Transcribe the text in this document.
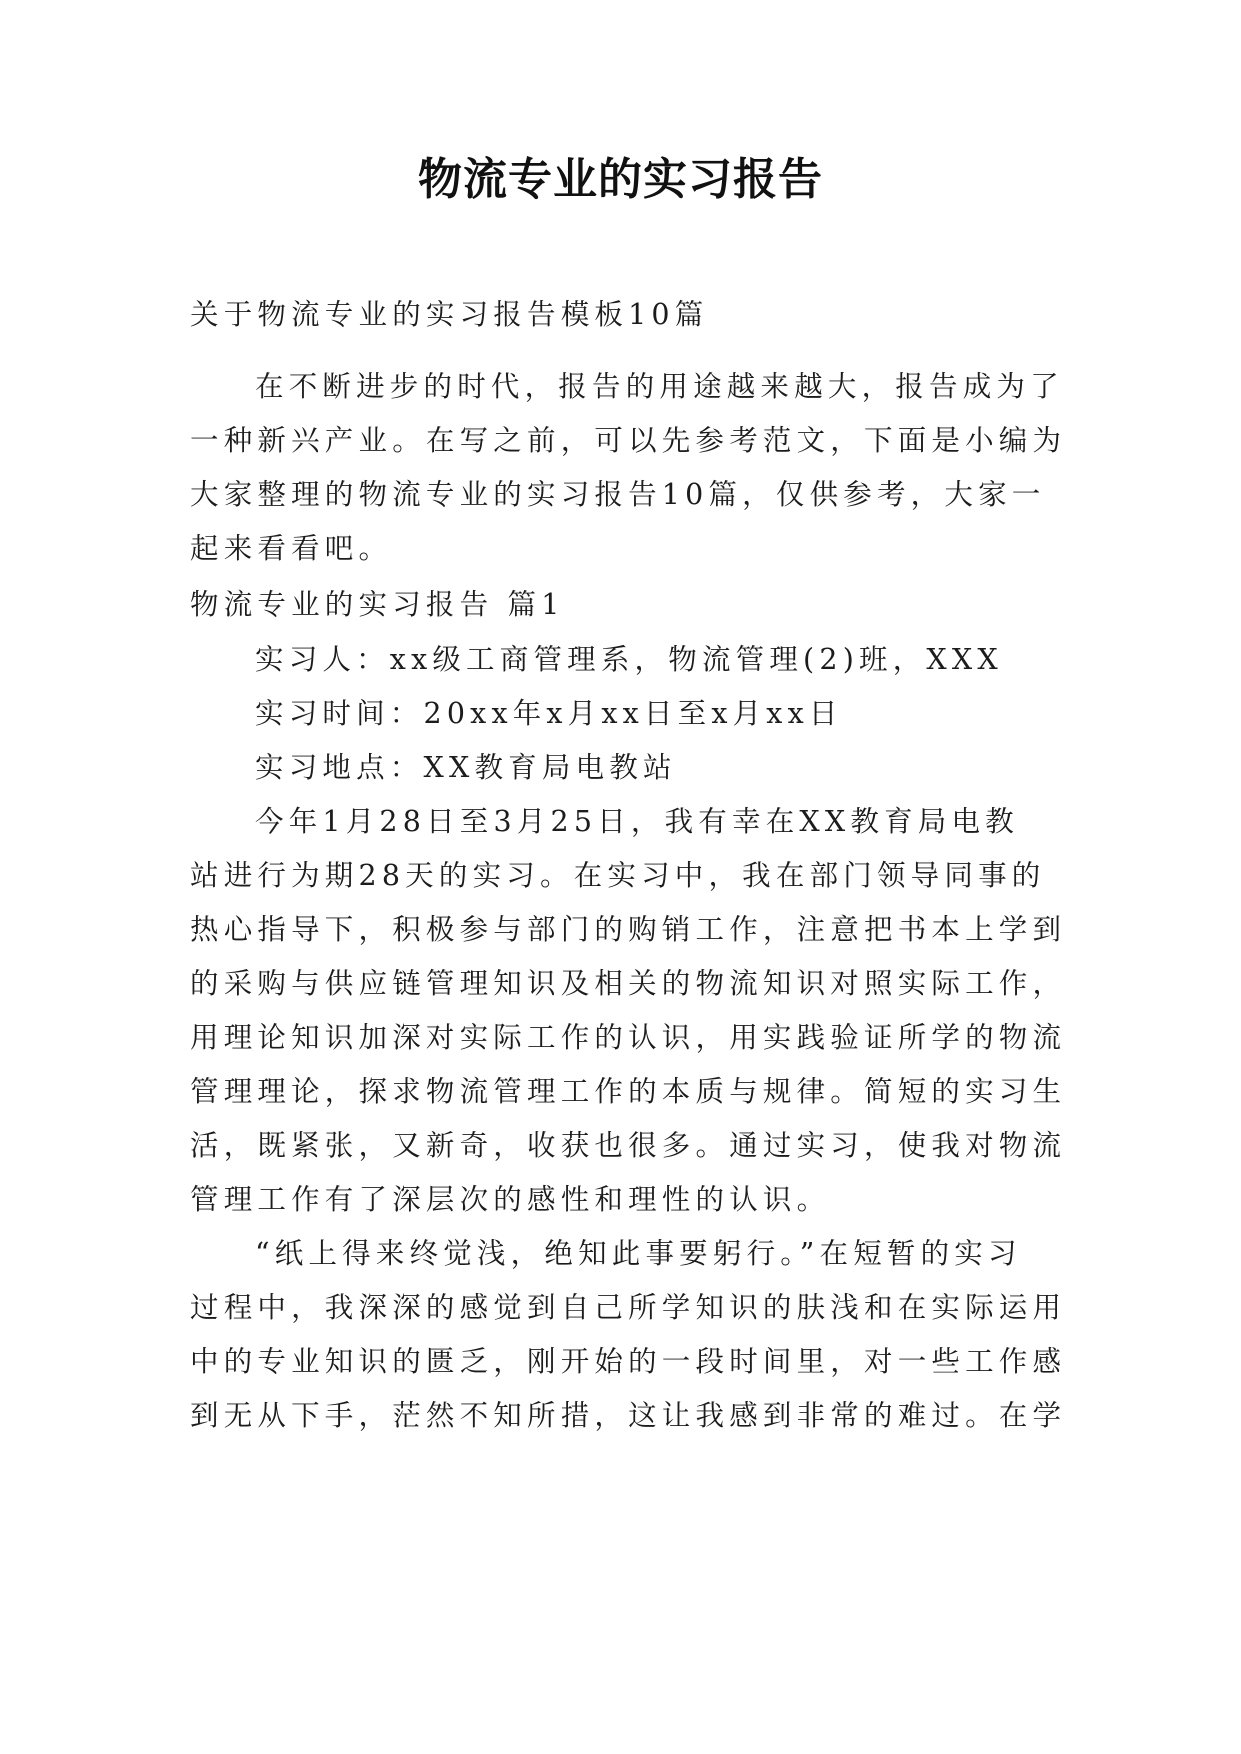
物流专业的实习报告
关于物流专业的实习报告模板10篇
在不断进步的时代，报告的用途越来越大，报告成为了
一种新兴产业。在写之前，可以先参考范文，下面是小编为
大家整理的物流专业的实习报告10篇，仅供参考，大家一
起来看看吧。
物流专业的实习报告 篇1
实习人：xx级工商管理系，物流管理(2)班，XXX
实习时间：20xx年x月xx日至x月xx日
实习地点：XX教育局电教站
今年1月28日至3月25日，我有幸在XX教育局电教
站进行为期28天的实习。在实习中，我在部门领导同事的
热心指导下，积极参与部门的购销工作，注意把书本上学到
的采购与供应链管理知识及相关的物流知识对照实际工作，
用理论知识加深对实际工作的认识，用实践验证所学的物流
管理理论，探求物流管理工作的本质与规律。简短的实习生
活，既紧张，又新奇，收获也很多。通过实习，使我对物流
管理工作有了深层次的感性和理性的认识。
“纸上得来终觉浅，绝知此事要躬行。”在短暂的实习
过程中，我深深的感觉到自己所学知识的肤浅和在实际运用
中的专业知识的匮乏，刚开始的一段时间里，对一些工作感
到无从下手，茫然不知所措，这让我感到非常的难过。在学
